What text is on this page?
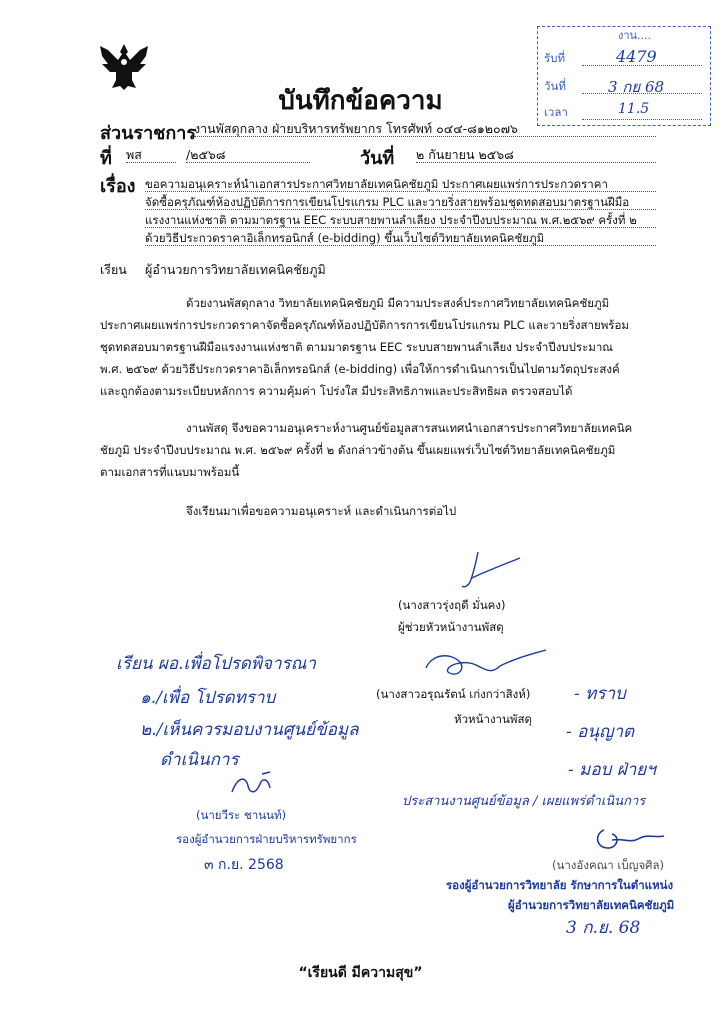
งาน....
รับที่	4479
วันที่	3 กย 68
เวลา	11.5
บันทึกข้อความ
ส่วนราชการ
งานพัสดุกลาง ฝ่ายบริหารทรัพยากร โทรศัพท์ ๐๔๔-๘๑๒๐๗๖
ที่ พส	/๒๕๖๘	วันที่ ๒ กันยายน ๒๕๖๘
เรื่อง ขอความอนุเคราะห์นำเอกสารประกาศวิทยาลัยเทคนิคชัยภูมิ ประกาศเผยแพร่การประกวดราคา
จัดซื้อครุภัณฑ์ห้องปฏิบัติการการเขียนโปรแกรม PLC และวายริ่งสายพร้อมชุดทดสอบมาตรฐานฝีมือ
แรงงานแห่งชาติ ตามมาตรฐาน EEC ระบบสายพานลำเลียง ประจำปีงบประมาณ พ.ศ.๒๕๖๙ ครั้งที่ ๒
ด้วยวิธีประกวดราคาอิเล็กทรอนิกส์ (e-bidding) ขึ้นเว็บไซต์วิทยาลัยเทคนิคชัยภูมิ
เรียน ผู้อำนวยการวิทยาลัยเทคนิคชัยภูมิ
ด้วยงานพัสดุกลาง วิทยาลัยเทคนิคชัยภูมิ มีความประสงค์ประกาศวิทยาลัยเทคนิคชัยภูมิ
ประกาศเผยแพร่การประกวดราคาจัดซื้อครุภัณฑ์ห้องปฏิบัติการการเขียนโปรแกรม PLC และวายริ่งสายพร้อม
ชุดทดสอบมาตรฐานฝีมือแรงงานแห่งชาติ ตามมาตรฐาน EEC ระบบสายพานลำเลียง ประจำปีงบประมาณ
พ.ศ. ๒๕๖๙ ด้วยวิธีประกวดราคาอิเล็กทรอนิกส์ (e-bidding) เพื่อให้การดำเนินการเป็นไปตามวัตถุประสงค์
และถูกต้องตามระเบียบหลักการ ความคุ้มค่า โปร่งใส มีประสิทธิภาพและประสิทธิผล ตรวจสอบได้
งานพัสดุ จึงขอความอนุเคราะห์งานศูนย์ข้อมูลสารสนเทศนำเอกสารประกาศวิทยาลัยเทคนิค
ชัยภูมิ ประจำปีงบประมาณ พ.ศ. ๒๕๖๙ ครั้งที่ ๒ ดังกล่าวข้างต้น ขึ้นเผยแพร่เว็บไซต์วิทยาลัยเทคนิคชัยภูมิ
ตามเอกสารที่แนบมาพร้อมนี้
จึงเรียนมาเพื่อขอความอนุเคราะห์ และดำเนินการต่อไป
(นางสาวรุ่งฤดี มั่นคง)
ผู้ช่วยหัวหน้างานพัสดุ
(นางสาวอรุณรัตน์ เก่งกว่าสิงห์)
หัวหน้างานพัสดุ
เรียน ผอ.เพื่อโปรดพิจารณา
๑./เพื่อ โปรดทราบ
๒./เห็นควรมอบงานศูนย์ข้อมูล
ดำเนินการ
(นายวีระ ชานนท์)
รองผู้อำนวยการฝ่ายบริหารทรัพยากร
๓ ก.ย. 2568
- ทราบ
- อนุญาต
- มอบ ฝ่ายฯ
ประสานงานศูนย์ข้อมูล / เผยแพร่ดำเนินการ
(นางอังคณา เบ็ญจศิล)
รองผู้อำนวยการวิทยาลัย รักษาการในตำแหน่ง
ผู้อำนวยการวิทยาลัยเทคนิคชัยภูมิ
3 ก.ย. 68
“เรียนดี มีความสุข”
